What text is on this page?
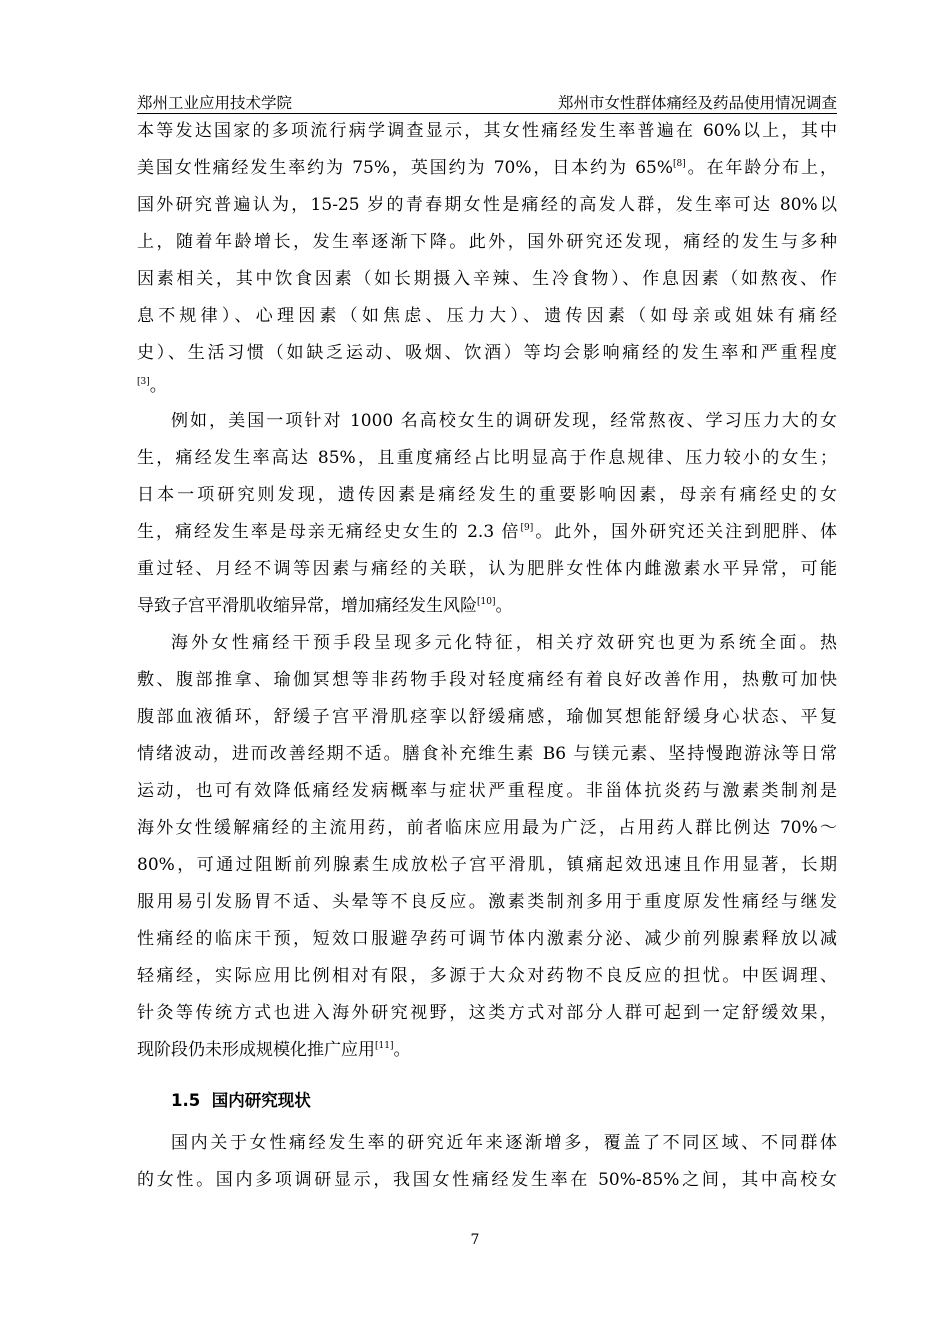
郑州工业应用技术学院	郑州市女性群体痛经及药品使用情况调查
本等发达国家的多项流行病学调查显示，其女性痛经发生率普遍在 60%以上，其中
美国女性痛经发生率约为 75%，英国约为 70%，日本约为 65%[8]。在年龄分布上，
国外研究普遍认为，15-25 岁的青春期女性是痛经的高发人群，发生率可达 80%以
上，随着年龄增长，发生率逐渐下降。此外，国外研究还发现，痛经的发生与多种
因素相关，其中饮食因素（如长期摄入辛辣、生冷食物）、作息因素（如熬夜、作
息不规律）、心理因素（如焦虑、压力大）、遗传因素（如母亲或姐妹有痛经
史）、生活习惯（如缺乏运动、吸烟、饮酒）等均会影响痛经的发生率和严重程度
[3]。
例如，美国一项针对 1000 名高校女生的调研发现，经常熬夜、学习压力大的女
生，痛经发生率高达 85%，且重度痛经占比明显高于作息规律、压力较小的女生；
日本一项研究则发现，遗传因素是痛经发生的重要影响因素，母亲有痛经史的女
生，痛经发生率是母亲无痛经史女生的 2.3 倍[9]。此外，国外研究还关注到肥胖、体
重过轻、月经不调等因素与痛经的关联，认为肥胖女性体内雌激素水平异常，可能
导致子宫平滑肌收缩异常，增加痛经发生风险[10]。
海外女性痛经干预手段呈现多元化特征，相关疗效研究也更为系统全面。热
敷、腹部推拿、瑜伽冥想等非药物手段对轻度痛经有着良好改善作用，热敷可加快
腹部血液循环，舒缓子宫平滑肌痉挛以舒缓痛感，瑜伽冥想能舒缓身心状态、平复
情绪波动，进而改善经期不适。膳食补充维生素 B6 与镁元素、坚持慢跑游泳等日常
运动，也可有效降低痛经发病概率与症状严重程度。非甾体抗炎药与激素类制剂是
海外女性缓解痛经的主流用药，前者临床应用最为广泛，占用药人群比例达 70%～
80%，可通过阻断前列腺素生成放松子宫平滑肌，镇痛起效迅速且作用显著，长期
服用易引发肠胃不适、头晕等不良反应。激素类制剂多用于重度原发性痛经与继发
性痛经的临床干预，短效口服避孕药可调节体内激素分泌、减少前列腺素释放以减
轻痛经，实际应用比例相对有限，多源于大众对药物不良反应的担忧。中医调理、
针灸等传统方式也进入海外研究视野，这类方式对部分人群可起到一定舒缓效果，
现阶段仍未形成规模化推广应用[11]。
1.5 国内研究现状
国内关于女性痛经发生率的研究近年来逐渐增多，覆盖了不同区域、不同群体
的女性。国内多项调研显示，我国女性痛经发生率在 50%-85%之间，其中高校女
7
